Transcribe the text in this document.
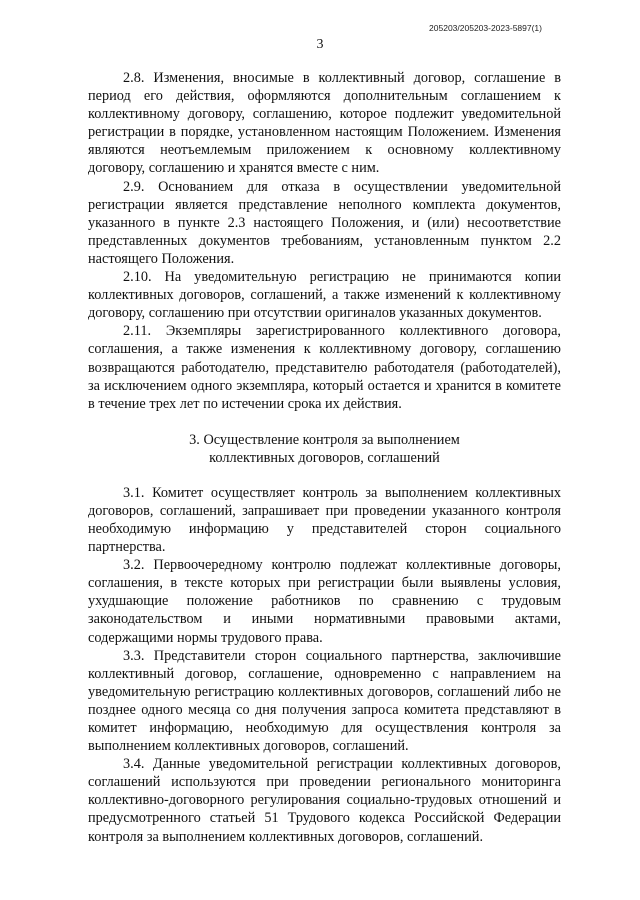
205203/205203-2023-5897(1)
3

2.8. Изменения, вносимые в коллективный договор, соглашение в период его действия, оформляются дополнительным соглашением к коллективному договору, соглашению, которое подлежит уведомительной регистрации в порядке, установленном настоящим Положением. Изменения являются неотъемлемым приложением к основному коллективному договору, соглашению и хранятся вместе с ним.

2.9. Основанием для отказа в осуществлении уведомительной регистрации является представление неполного комплекта документов, указанного в пункте 2.3 настоящего Положения, и (или) несоответствие представленных документов требованиям, установленным пунктом 2.2 настоящего Положения.

2.10. На уведомительную регистрацию не принимаются копии коллективных договоров, соглашений, а также изменений к коллективному договору, соглашению при отсутствии оригиналов указанных документов.

2.11. Экземпляры зарегистрированного коллективного договора, соглашения, а также изменения к коллективному договору, соглашению возвращаются работодателю, представителю работодателя (работодателей), за исключением одного экземпляра, который остается и хранится в комитете в течение трех лет по истечении срока их действия.

3. Осуществление контроля за выполнением
коллективных договоров, соглашений

3.1. Комитет осуществляет контроль за выполнением коллективных договоров, соглашений, запрашивает при проведении указанного контроля необходимую информацию у представителей сторон социального партнерства.

3.2. Первоочередному контролю подлежат коллективные договоры, соглашения, в тексте которых при регистрации были выявлены условия, ухудшающие положение работников по сравнению с трудовым законодательством и иными нормативными правовыми актами, содержащими нормы трудового права.

3.3. Представители сторон социального партнерства, заключившие коллективный договор, соглашение, одновременно с направлением на уведомительную регистрацию коллективных договоров, соглашений либо не позднее одного месяца со дня получения запроса комитета представляют в комитет информацию, необходимую для осуществления контроля за выполнением коллективных договоров, соглашений.

3.4. Данные уведомительной регистрации коллективных договоров, соглашений используются при проведении регионального мониторинга коллективно-договорного регулирования социально-трудовых отношений и предусмотренного статьей 51 Трудового кодекса Российской Федерации контроля за выполнением коллективных договоров, соглашений.
